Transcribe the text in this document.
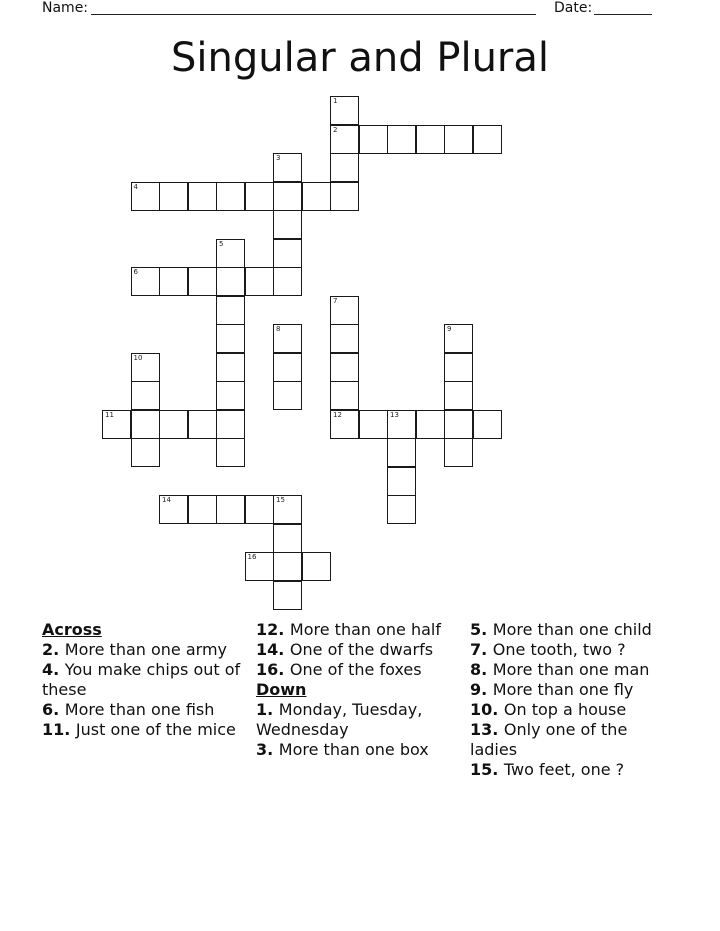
Name:	Date:
Singular and Plural
1
2
3
4
5
6
7
12
8	9
10
11	13
14	15
16
Across

2. More than one army

4. You make chips out of these

6. More than one fish

11. Just one of the mice

12. More than one half

14. One of the dwarfs

16. One of the foxes

Down

1. Monday, Tuesday, Wednesday

3. More than one box

5. More than one child

7. One tooth, two ?

8. More than one man

9. More than one fly

10. On top a house

13. Only one of the ladies

15. Two feet, one ?
